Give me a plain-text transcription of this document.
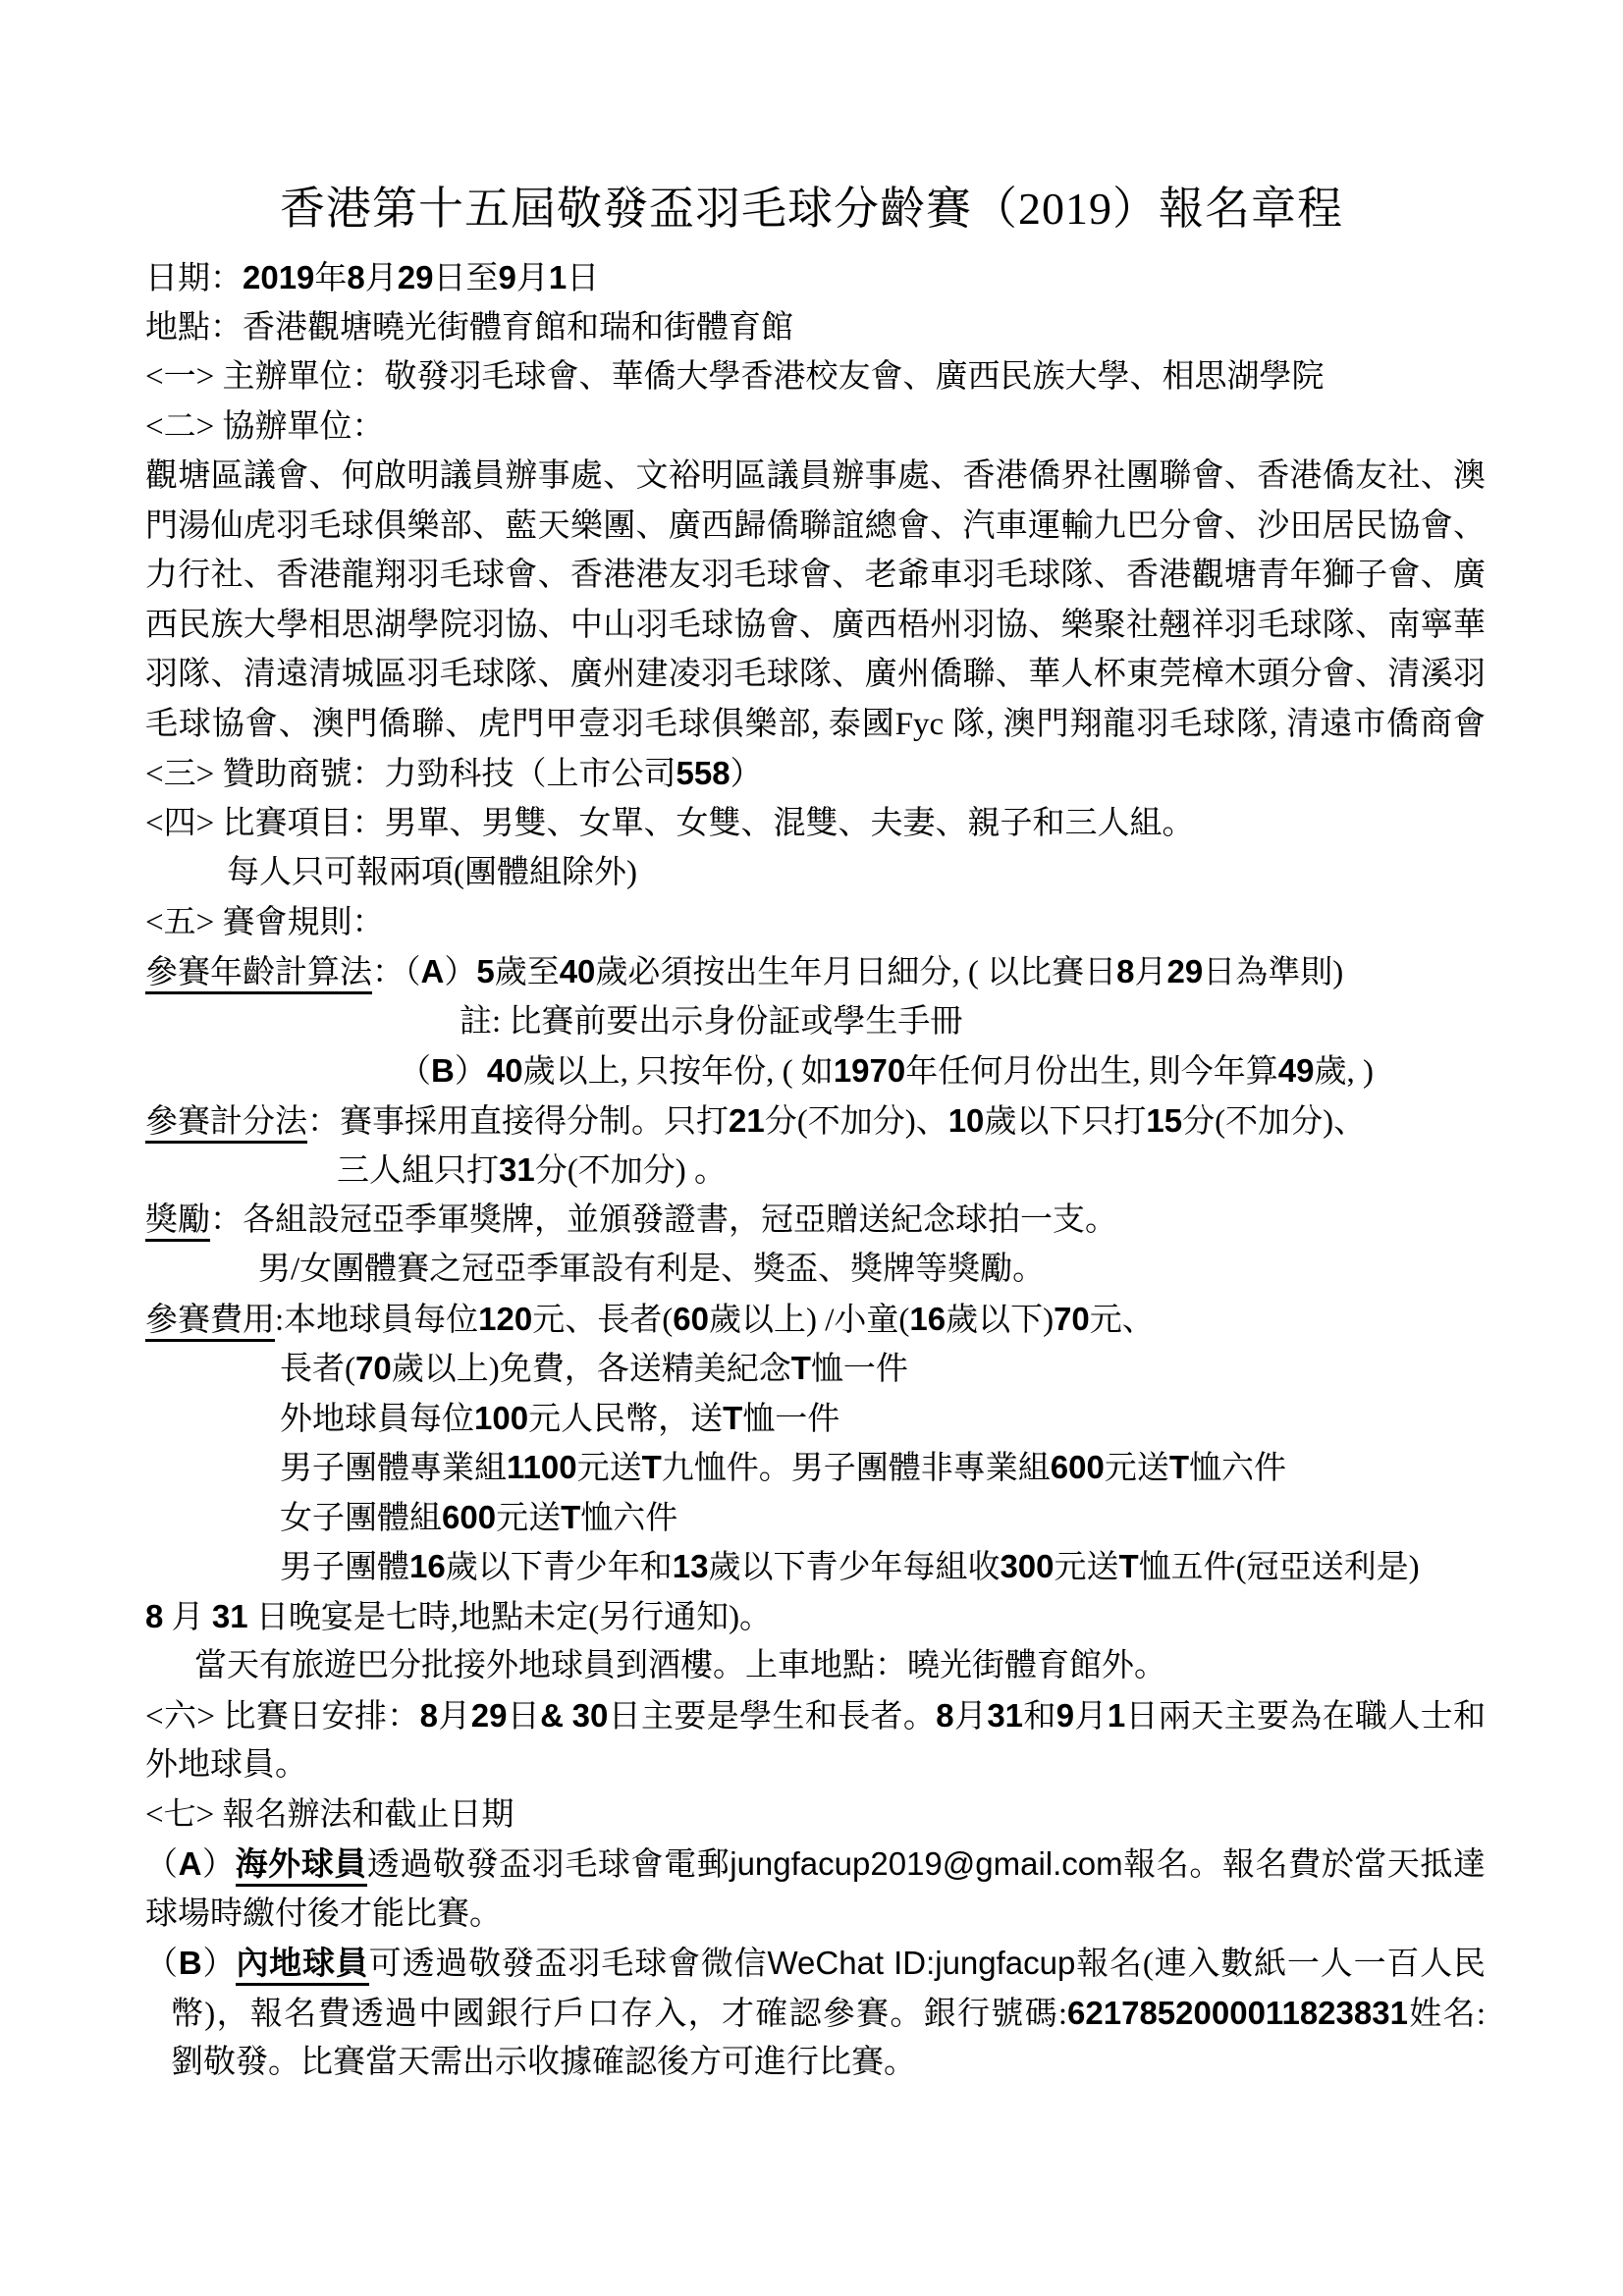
香港第十五屆敬發盃羽毛球分齡賽（2019）報名章程
日期：2019年8月29日至9月1日
地點：香港觀塘曉光街體育館和瑞和街體育館
<一> 主辦單位：敬發羽毛球會、華僑大學香港校友會、廣西民族大學、相思湖學院
<二> 協辦單位：
觀塘區議會、何啟明議員辦事處、文裕明區議員辦事處、香港僑界社團聯會、香港僑友社、澳
門湯仙虎羽毛球俱樂部、藍天樂團、廣西歸僑聯誼總會、汽車運輸九巴分會、沙田居民協會、
力行社、香港龍翔羽毛球會、香港港友羽毛球會、老爺車羽毛球隊、香港觀塘青年獅子會、廣
西民族大學相思湖學院羽協、中山羽毛球協會、廣西梧州羽協、樂聚社翹祥羽毛球隊、南寧華
羽隊、清遠清城區羽毛球隊、廣州建凌羽毛球隊、廣州僑聯、華人杯東莞樟木頭分會、清溪羽
毛球協會、澳門僑聯、虎門甲壹羽毛球俱樂部, 泰國Fyc 隊, 澳門翔龍羽毛球隊, 清遠市僑商會
<三> 贊助商號：力勁科技（上市公司558）
<四> 比賽項目：男單、男雙、女單、女雙、混雙、夫妻、親子和三人組。
每人只可報兩項(團體組除外)
<五> 賽會規則：
參賽年齡計算法：（A）5歲至40歲必須按出生年月日細分, ( 以比賽日8月29日為準則)
註: 比賽前要出示身份証或學生手冊
（B）40歲以上, 只按年份, ( 如1970年任何月份出生, 則今年算49歲, )
參賽計分法：賽事採用直接得分制。只打21分(不加分)、10歲以下只打15分(不加分)、
三人組只打31分(不加分) 。
獎勵：各組設冠亞季軍獎牌，並頒發證書，冠亞贈送紀念球拍一支。
男/女團體賽之冠亞季軍設有利是、獎盃、獎牌等獎勵。
參賽費用:本地球員每位120元、長者(60歲以上) /小童(16歲以下)70元、
長者(70歲以上)免費，各送精美紀念T恤一件
外地球員每位100元人民幣，送T恤一件
男子團體專業組1100元送T九恤件。男子團體非專業組600元送T恤六件
女子團體組600元送T恤六件
男子團體16歲以下青少年和13歲以下青少年每組收300元送T恤五件(冠亞送利是)
8 月 31 日晚宴是七時,地點未定(另行通知)。
當天有旅遊巴分批接外地球員到酒樓。上車地點：曉光街體育館外。
<六> 比賽日安排：8月29日& 30日主要是學生和長者。8月31和9月1日兩天主要為在職人士和
外地球員。
<七> 報名辦法和截止日期
（A）海外球員透過敬發盃羽毛球會電郵jungfacup2019@gmail.com報名。報名費於當天抵達
球場時繳付後才能比賽。
（B）內地球員可透過敬發盃羽毛球會微信WeChat ID:jungfacup報名(連入數紙一人一百人民
幣)，報名費透過中國銀行戶口存入，才確認參賽。銀行號碼:6217852000011823831姓名:
劉敬發。比賽當天需出示收據確認後方可進行比賽。
